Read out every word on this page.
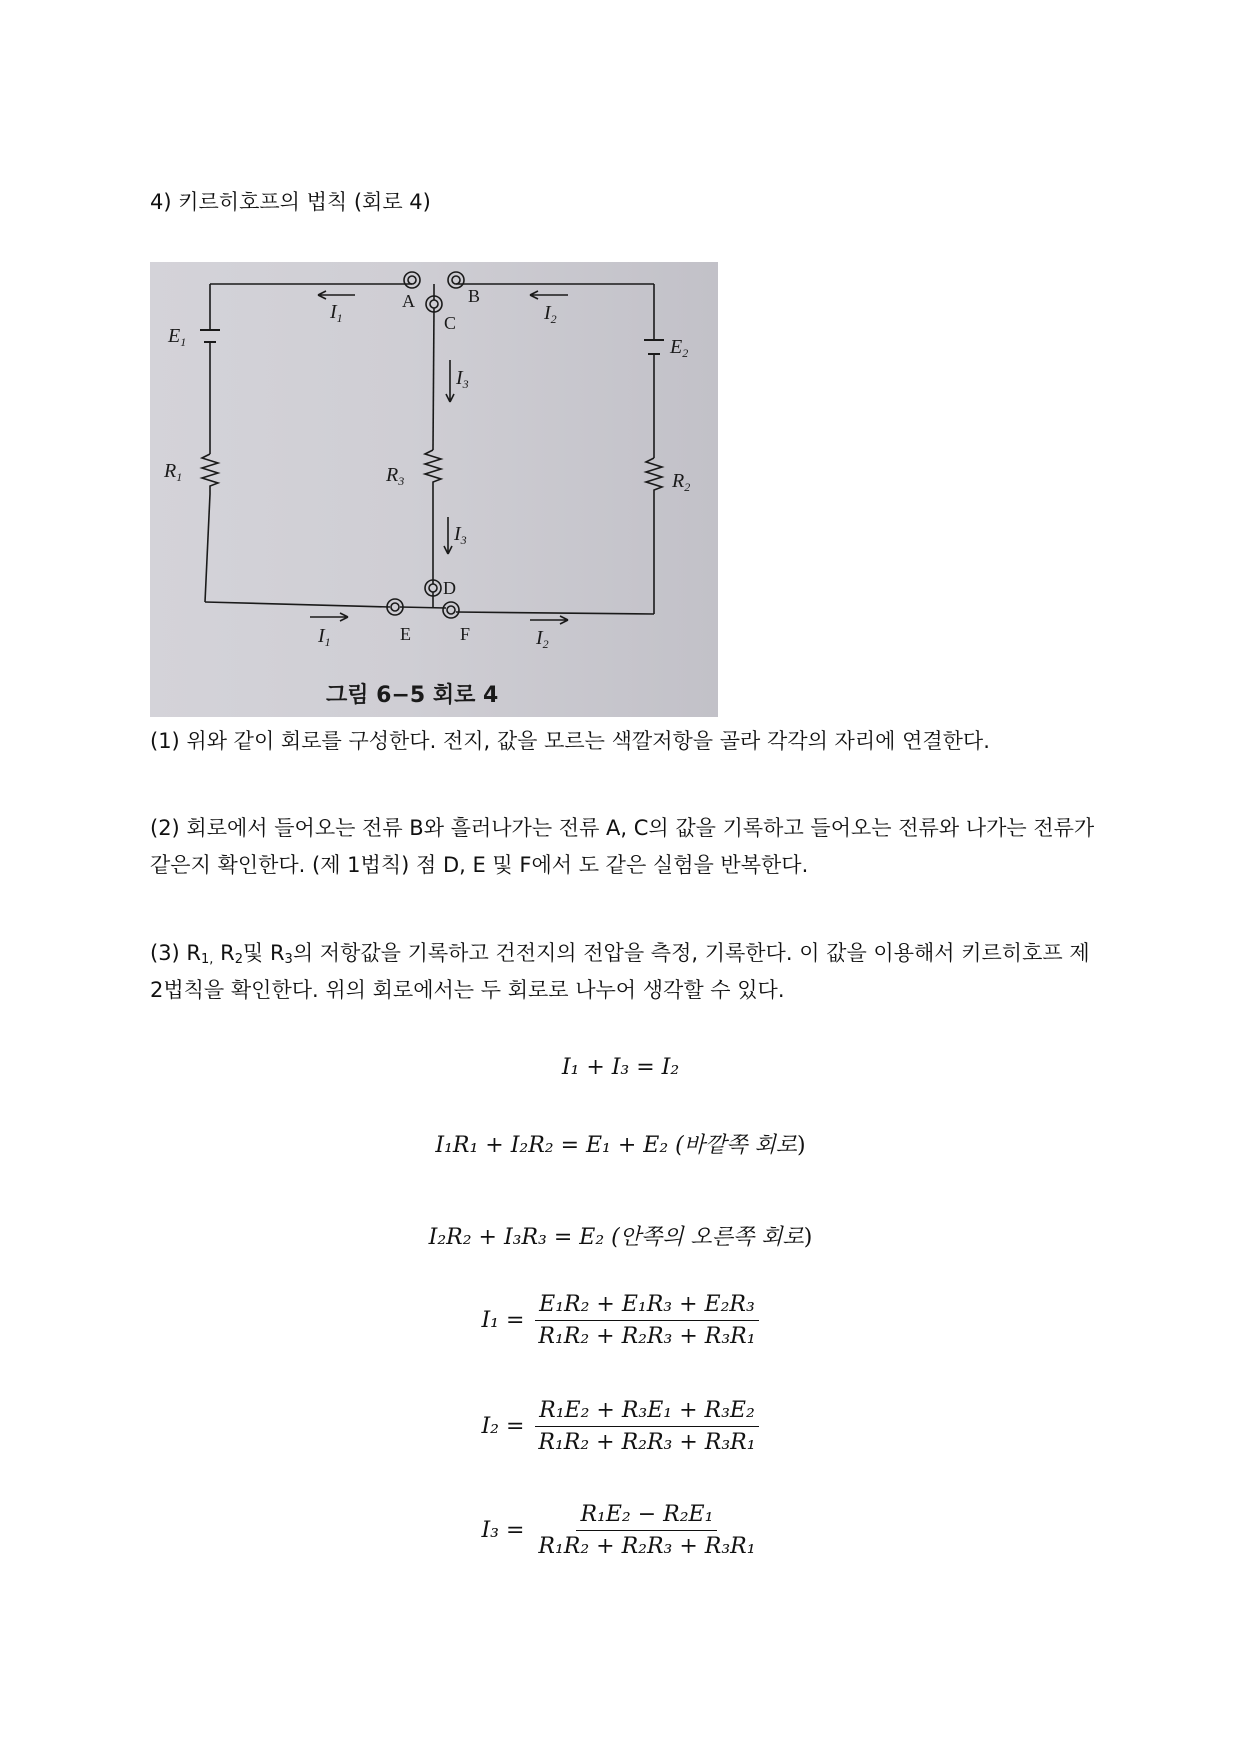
4) 키르히호프의 법칙 (회로 4)
A	B
C
D
E	F
$I_1$	$I_2$
$I_3$
$I_3$
$I_1$	$I_2$
$E_1$	$E_2$
$R_1$	$R_2$
$R_3$
그림 6−5 회로 4
(1) 위와 같이 회로를 구성한다. 전지, 값을 모르는 색깔저항을 골라 각각의 자리에 연결한다.
(2) 회로에서 들어오는 전류 B와 흘러나가는 전류 A, C의 값을 기록하고 들어오는 전류와 나가는 전류가 같은지 확인한다. (제 1법칙) 점 D, E 및 F에서 도 같은 실험을 반복한다.
(3) $R_{1,}$ $R_2$및 $R_3$의 저항값을 기록하고 건전지의 전압을 측정, 기록한다. 이 값을 이용해서 키르히호프 제 2법칙을 확인한다. 위의 회로에서는 두 회로로 나누어 생각할 수 있다.
I₁ + I₃ = I₂
I₁R₁ + I₂R₂ = E₁ + E₂ (바깥쪽 회로)
I₂R₂ + I₃R₃ = E₂ (안쪽의 오른쪽 회로)
$I_1 = \frac{\text{E₁R₂ + E₁R₃ + E₂R₃}}{\text{R₁R₂ + R₂R₃ + R₃R₁}}$
$I_2 = \frac{\text{R₁E₂ + R₃E₁ + R₃E₂}}{\text{R₁R₂ + R₂R₃ + R₃R₁}}$
$I_3 = \frac{\text{R₁E₂ − R₂E₁}}{\text{R₁R₂ + R₂R₃ + R₃R₁}}$
